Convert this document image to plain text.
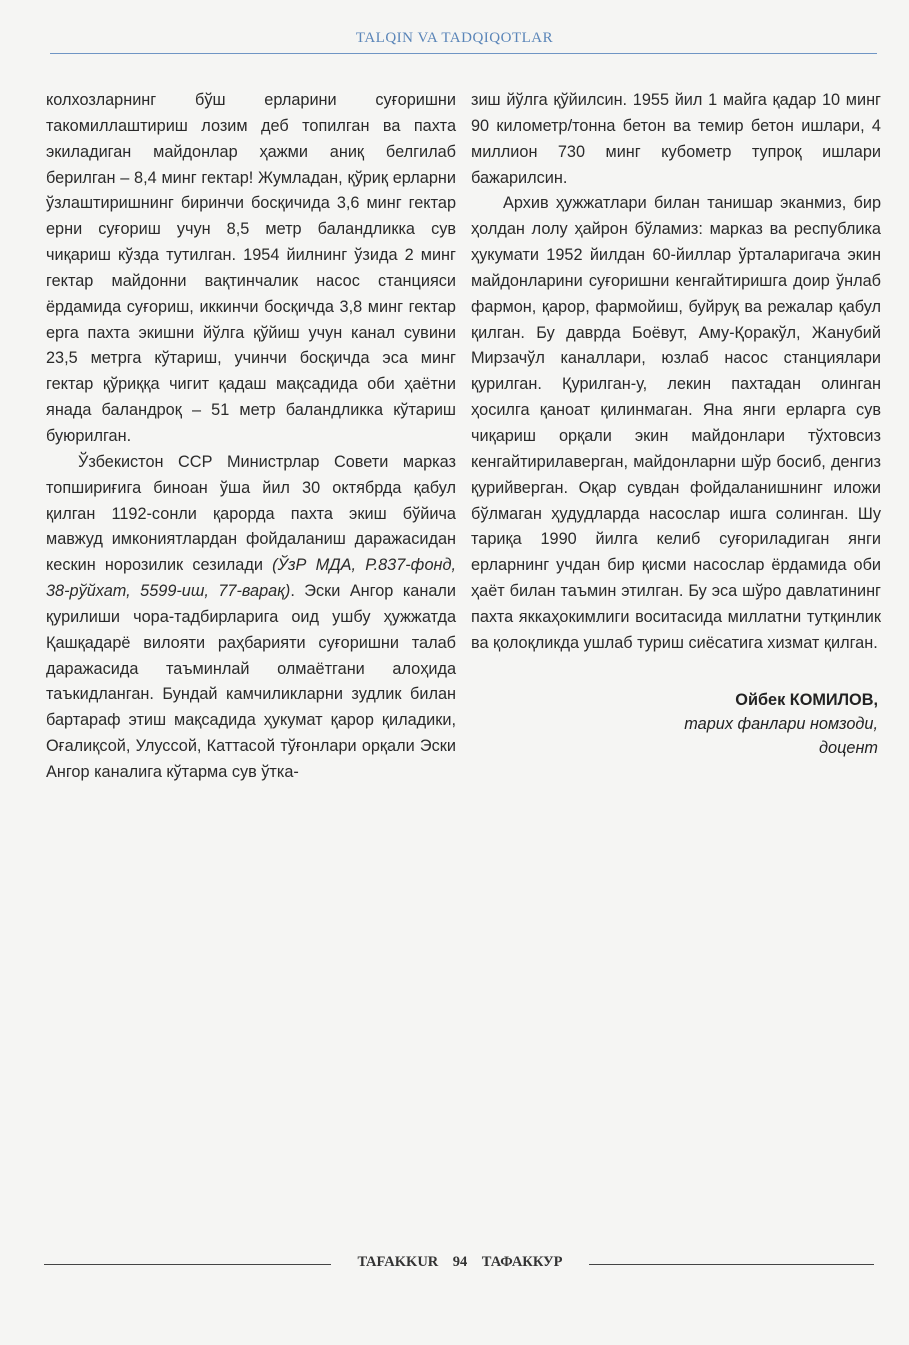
TALQIN VA TADQIQOTLAR

колхозларнинг бўш ерларини суғоришни такомиллаштириш лозим деб топилган ва пахта экиладиган майдонлар ҳажми аниқ белгилаб берилган – 8,4 минг гектар! Жумладан, қўриқ ерларни ўзлаштиришнинг биринчи босқичида 3,6 минг гектар ерни суғориш учун 8,5 метр баландликка сув чиқариш кўзда тутилган. 1954 йилнинг ўзида 2 минг гектар майдонни вақтинчалик насос станцияси ёрдамида суғориш, иккинчи босқичда 3,8 минг гектар ерга пахта экишни йўлга қўйиш учун канал сувини 23,5 метрга кўтариш, учинчи босқичда эса минг гектар қўриққа чигит қадаш мақсадида оби ҳаётни янада баландроқ – 51 метр баландликка кўтариш буюрилган.

Ўзбекистон ССР Министрлар Совети марказ топшириғига биноан ўша йил 30 октябрда қабул қилган 1192-сонли қарорда пахта экиш бўйича мавжуд имкониятлардан фойдаланиш даражасидан кескин норозилик сезилади (ЎзР МДА, Р.837-фонд, 38-рўйхат, 5599-иш, 77-варақ). Эски Ангор канали қурилиши чора-тадбирларига оид ушбу ҳужжатда Қашқадарё вилояти раҳбарияти суғоришни талаб даражасида таъминлай олмаётгани алоҳида таъкидланган. Бундай камчиликларни зудлик билан бартараф этиш мақсадида ҳукумат қарор қиладики, Оғалиқсой, Улуссой, Каттасой тўғонлари орқали Эски Ангор каналига кўтарма сув ўтка-

зиш йўлга қўйилсин. 1955 йил 1 майга қадар 10 минг 90 километр/тонна бетон ва темир бетон ишлари, 4 миллион 730 минг кубометр тупроқ ишлари бажарилсин.

Архив ҳужжатлари билан танишар эканмиз, бир ҳолдан лолу ҳайрон бўламиз: марказ ва республика ҳукумати 1952 йилдан 60-йиллар ўрталаригача экин майдонларини суғоришни кенгайтиришга доир ўнлаб фармон, қарор, фармойиш, буйруқ ва режалар қабул қилган. Бу даврда Боёвут, Аму-Қоракўл, Жанубий Мирзачўл каналлари, юзлаб насос станциялари қурилган. Қурилган-у, лекин пахтадан олинган ҳосилга қаноат қилинмаган. Яна янги ерларга сув чиқариш орқали экин майдонлари тўхтовсиз кенгайтирилаверган, майдонларни шўр босиб, денгиз қурийверган. Оқар сувдан фойдаланишнинг иложи бўлмаган ҳудудларда насослар ишга солинган. Шу тариқа 1990 йилга келиб суғориладиган янги ерларнинг учдан бир қисми насослар ёрдамида оби ҳаёт билан таъмин этилган. Бу эса шўро давлатининг пахта яккаҳокимлиги воситасида миллатни тутқинлик ва қолоқликда ушлаб туриш сиёсатига хизмат қилган.

Ойбек КОМИЛОВ,
тарих фанлари номзоди,
доцент
TAFAKKUR 94 ТАФАККУР
